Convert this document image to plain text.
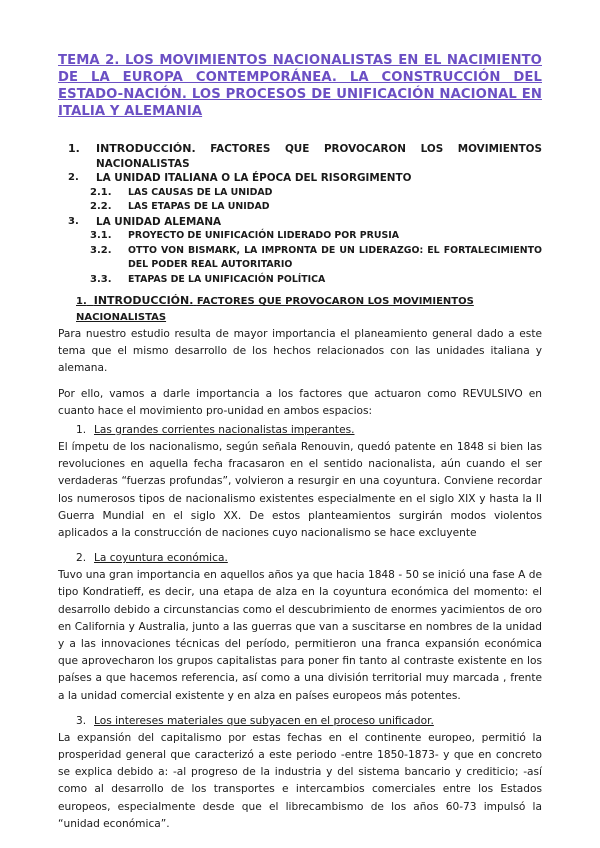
TEMA 2. LOS MOVIMIENTOS NACIONALISTAS EN EL NACIMIENTO DE LA EUROPA CONTEMPORÁNEA. LA CONSTRUCCIÓN DEL ESTADO-NACIÓN. LOS PROCESOS DE UNIFICACIÓN NACIONAL EN ITALIA Y ALEMANIA
1.	INTRODUCCIÓN. FACTORES QUE PROVOCARON LOS MOVIMIENTOS NACIONALISTAS
2.	LA UNIDAD ITALIANA O LA ÉPOCA DEL RISORGIMENTO
2.1.	LAS CAUSAS DE LA UNIDAD
2.2.	LAS ETAPAS DE LA UNIDAD
3.	LA UNIDAD ALEMANA
3.1.	PROYECTO DE UNIFICACIÓN LIDERADO POR PRUSIA
3.2.	OTTO VON BISMARK, LA IMPRONTA DE UN LIDERAZGO: EL FORTALECIMIENTO DEL PODER REAL AUTORITARIO
3.3.	ETAPAS DE LA UNIFICACIÓN POLÍTICA
1. INTRODUCCIÓN. FACTORES QUE PROVOCARON LOS MOVIMIENTOS NACIONALISTAS

Para nuestro estudio resulta de mayor importancia el planeamiento general dado a este tema que el mismo desarrollo de los hechos relacionados con las unidades italiana y alemana.

Por ello, vamos a darle importancia a los factores que actuaron como REVULSIVO en cuanto hace el movimiento pro-unidad en ambos espacios:

1. Las grandes corrientes nacionalistas imperantes.

El ímpetu de los nacionalismo, según señala Renouvin, quedó patente en 1848 si bien las revoluciones en aquella fecha fracasaron en el sentido nacionalista, aún cuando el ser verdaderas “fuerzas profundas”, volvieron a resurgir en una coyuntura. Conviene recordar los numerosos tipos de nacionalismo existentes especialmente en el siglo XIX y hasta la II Guerra Mundial en el siglo XX. De estos planteamientos surgirán modos violentos aplicados a la construcción de naciones cuyo nacionalismo se hace excluyente

2. La coyuntura económica.

Tuvo una gran importancia en aquellos años ya que hacia 1848 - 50 se inició una fase A de tipo Kondratieff, es decir, una etapa de alza en la coyuntura económica del momento: el desarrollo debido a circunstancias como el descubrimiento de enormes yacimientos de oro en California y Australia, junto a las guerras que van a suscitarse en nombres de la unidad y a las innovaciones técnicas del período, permitieron una franca expansión económica que aprovecharon los grupos capitalistas para poner fin tanto al contraste existente en los países a que hacemos referencia, así como a una división territorial muy marcada , frente a la unidad comercial existente y en alza en países europeos más potentes.

3. Los intereses materiales que subyacen en el proceso unificador.

La expansión del capitalismo por estas fechas en el continente europeo, permitió la prosperidad general que caracterizó a este periodo -entre 1850-1873- y que en concreto se explica debido a: -al progreso de la industria y del sistema bancario y crediticio; -así como al desarrollo de los transportes e intercambios comerciales entre los Estados europeos, especialmente desde que el librecambismo de los años 60-73 impulsó la “unidad económica”.
